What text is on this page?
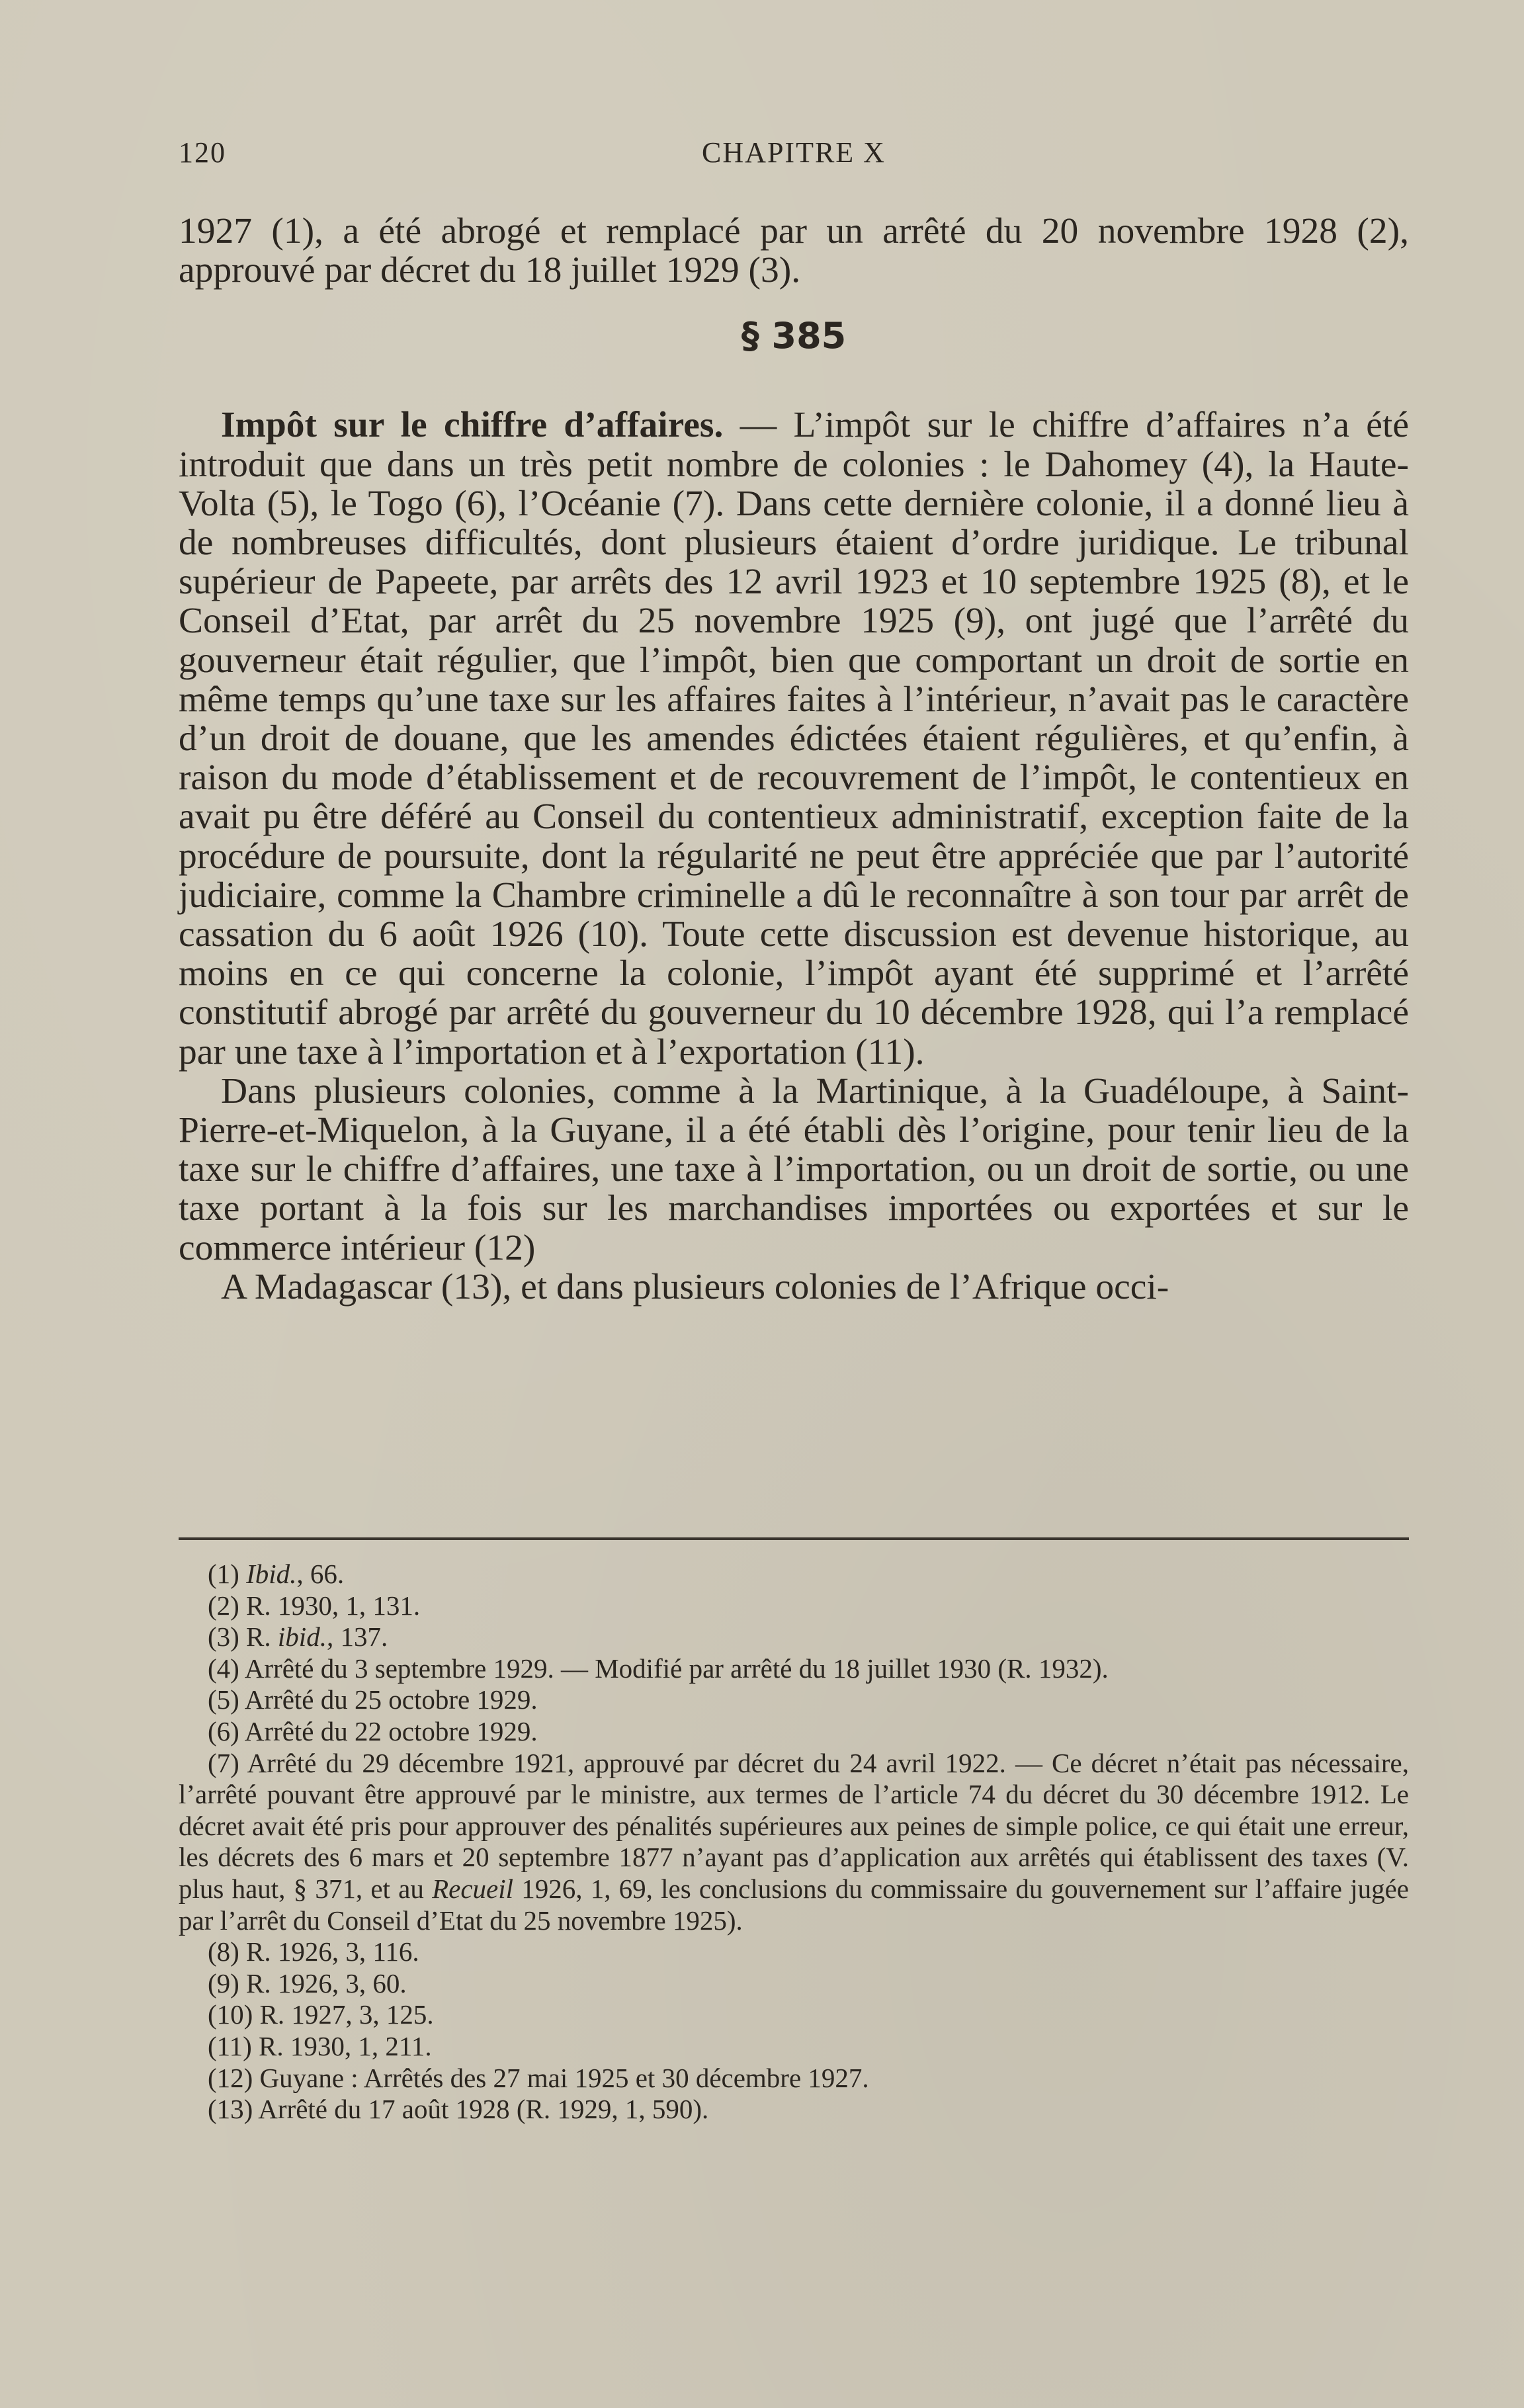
120	CHAPITRE X

1927 (1), a été abrogé et remplacé par un arrêté du 20 novembre 1928 (2), approuvé par décret du 18 juillet 1929 (3).

§ 385

Impôt sur le chiffre d’affaires. — L’impôt sur le chiffre d’affaires n’a été introduit que dans un très petit nombre de colonies : le Dahomey (4), la Haute-Volta (5), le Togo (6), l’Océanie (7). Dans cette dernière colonie, il a donné lieu à de nombreuses difficultés, dont plusieurs étaient d’ordre juridique. Le tribunal supérieur de Papeete, par arrêts des 12 avril 1923 et 10 septembre 1925 (8), et le Conseil d’Etat, par arrêt du 25 novembre 1925 (9), ont jugé que l’arrêté du gouverneur était régulier, que l’impôt, bien que comportant un droit de sortie en même temps qu’une taxe sur les affaires faites à l’intérieur, n’avait pas le caractère d’un droit de douane, que les amendes édictées étaient régulières, et qu’enfin, à raison du mode d’établissement et de recouvrement de l’impôt, le contentieux en avait pu être déféré au Conseil du contentieux administratif, exception faite de la procédure de poursuite, dont la régularité ne peut être appréciée que par l’autorité judiciaire, comme la Chambre criminelle a dû le reconnaître à son tour par arrêt de cassation du 6 août 1926 (10). Toute cette discussion est devenue historique, au moins en ce qui concerne la colonie, l’impôt ayant été supprimé et l’arrêté constitutif abrogé par arrêté du gouverneur du 10 décembre 1928, qui l’a remplacé par une taxe à l’importation et à l’exportation (11).

Dans plusieurs colonies, comme à la Martinique, à la Guadéloupe, à Saint-Pierre-et-Miquelon, à la Guyane, il a été établi dès l’origine, pour tenir lieu de la taxe sur le chiffre d’affaires, une taxe à l’importation, ou un droit de sortie, ou une taxe portant à la fois sur les marchandises importées ou exportées et sur le commerce intérieur (12)

A Madagascar (13), et dans plusieurs colonies de l’Afrique occi-

(1) Ibid., 66.

(2) R. 1930, 1, 131.

(3) R. ibid., 137.

(4) Arrêté du 3 septembre 1929. — Modifié par arrêté du 18 juillet 1930 (R. 1932).

(5) Arrêté du 25 octobre 1929.

(6) Arrêté du 22 octobre 1929.

(7) Arrêté du 29 décembre 1921, approuvé par décret du 24 avril 1922. — Ce décret n’était pas nécessaire, l’arrêté pouvant être approuvé par le ministre, aux termes de l’article 74 du décret du 30 décembre 1912. Le décret avait été pris pour approuver des pénalités supérieures aux peines de simple police, ce qui était une erreur, les décrets des 6 mars et 20 septembre 1877 n’ayant pas d’application aux arrêtés qui établissent des taxes (V. plus haut, § 371, et au Recueil 1926, 1, 69, les conclusions du commissaire du gouvernement sur l’affaire jugée par l’arrêt du Conseil d’Etat du 25 novembre 1925).

(8) R. 1926, 3, 116.

(9) R. 1926, 3, 60.

(10) R. 1927, 3, 125.

(11) R. 1930, 1, 211.

(12) Guyane : Arrêtés des 27 mai 1925 et 30 décembre 1927.

(13) Arrêté du 17 août 1928 (R. 1929, 1, 590).
